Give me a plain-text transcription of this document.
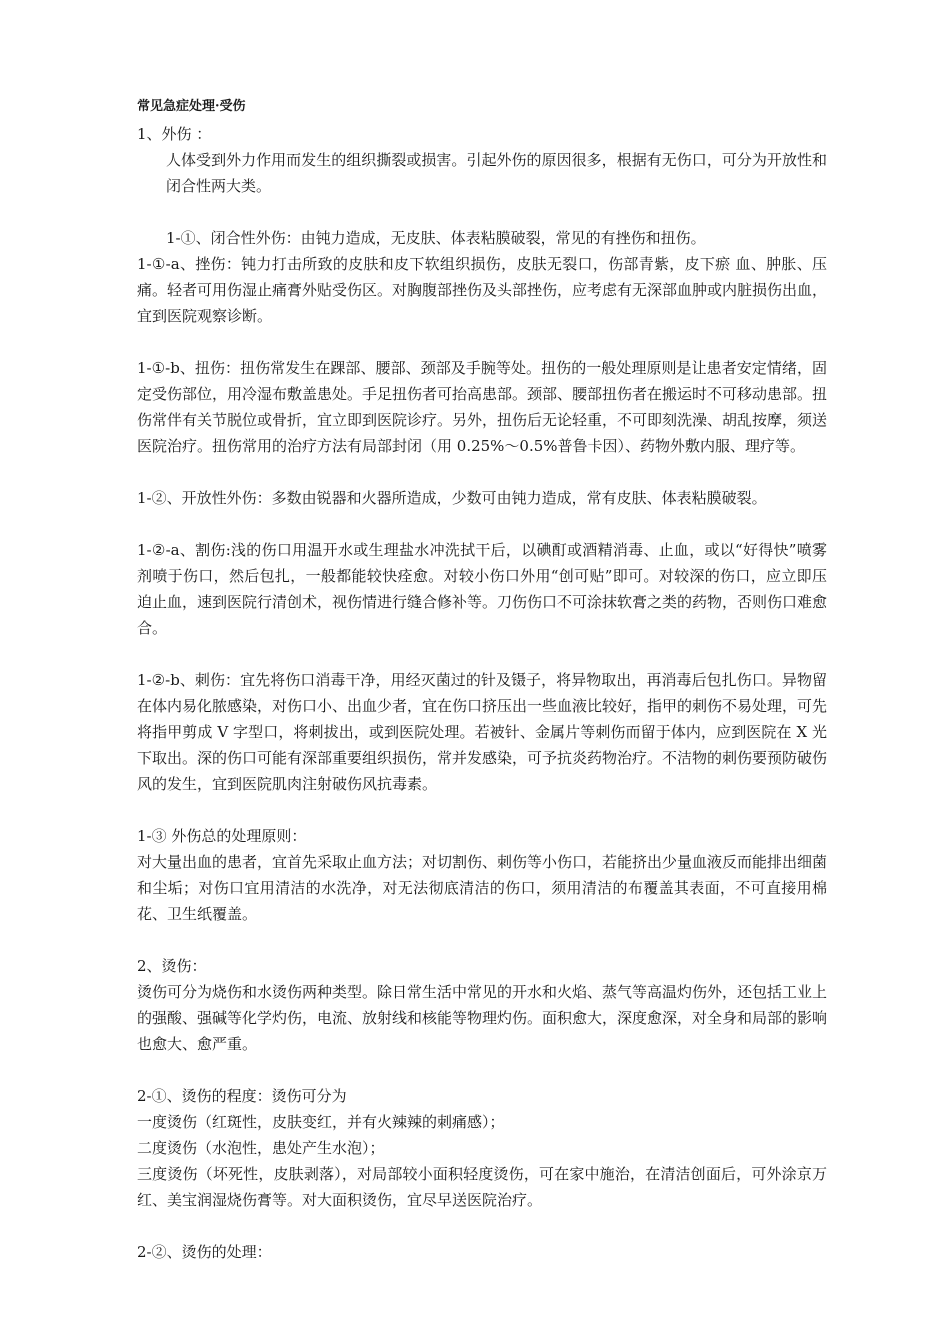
常见急症处理·受伤

1、外伤 ：

人体受到外力作用而发生的组织撕裂或损害。引起外伤的原因很多，根据有无伤口，可分为开放性和闭合性两大类。

1-①、闭合性外伤：由钝力造成，无皮肤、体表粘膜破裂，常见的有挫伤和扭伤。

1-①-a、挫伤：钝力打击所致的皮肤和皮下软组织损伤，皮肤无裂口，伤部青紫，皮下瘀 血、肿胀、压痛。轻者可用伤湿止痛膏外贴受伤区。对胸腹部挫伤及头部挫伤，应考虑有无深部血肿或内脏损伤出血，宜到医院观察诊断。

1-①-b、扭伤：扭伤常发生在踝部、腰部、颈部及手腕等处。扭伤的一般处理原则是让患者安定情绪，固定受伤部位，用冷湿布敷盖患处。手足扭伤者可抬高患部。颈部、腰部扭伤者在搬运时不可移动患部。扭伤常伴有关节脱位或骨折，宜立即到医院诊疗。另外，扭伤后无论轻重，不可即刻洗澡、胡乱按摩，须送医院治疗。扭伤常用的治疗方法有局部封闭（用 0.25%～0.5%普鲁卡因）、药物外敷内服、理疗等。

1-②、开放性外伤：多数由锐器和火器所造成，少数可由钝力造成，常有皮肤、体表粘膜破裂。

1-②-a、割伤:浅的伤口用温开水或生理盐水冲洗拭干后，以碘酊或酒精消毒、止血，或以“好得快”喷雾剂喷于伤口，然后包扎，一般都能较快痊愈。对较小伤口外用“创可贴”即可。对较深的伤口，应立即压迫止血，速到医院行清创术，视伤情进行缝合修补等。刀伤伤口不可涂抹软膏之类的药物，否则伤口难愈合。

1-②-b、刺伤：宜先将伤口消毒干净，用经灭菌过的针及镊子，将异物取出，再消毒后包扎伤口。异物留在体内易化脓感染，对伤口小、出血少者，宜在伤口挤压出一些血液比较好，指甲的刺伤不易处理，可先将指甲剪成 V 字型口，将刺拔出，或到医院处理。若被针、金属片等刺伤而留于体内，应到医院在 X 光下取出。深的伤口可能有深部重要组织损伤，常并发感染，可予抗炎药物治疗。不洁物的刺伤要预防破伤风的发生，宜到医院肌肉注射破伤风抗毒素。

1-③ 外伤总的处理原则：

对大量出血的患者，宜首先采取止血方法；对切割伤、刺伤等小伤口，若能挤出少量血液反而能排出细菌和尘垢；对伤口宜用清洁的水洗净，对无法彻底清洁的伤口，须用清洁的布覆盖其表面，不可直接用棉花、卫生纸覆盖。

2、烫伤：

烫伤可分为烧伤和水烫伤两种类型。除日常生活中常见的开水和火焰、蒸气等高温灼伤外，还包括工业上的强酸、强碱等化学灼伤，电流、放射线和核能等物理灼伤。面积愈大，深度愈深，对全身和局部的影响也愈大、愈严重。

2-①、烫伤的程度：烫伤可分为

一度烫伤（红斑性，皮肤变红，并有火辣辣的刺痛感）；

二度烫伤（水泡性，患处产生水泡）；

三度烫伤（坏死性，皮肤剥落），对局部较小面积轻度烫伤，可在家中施治，在清洁创面后，可外涂京万红、美宝润湿烧伤膏等。对大面积烫伤，宜尽早送医院治疗。

2-②、烫伤的处理：
